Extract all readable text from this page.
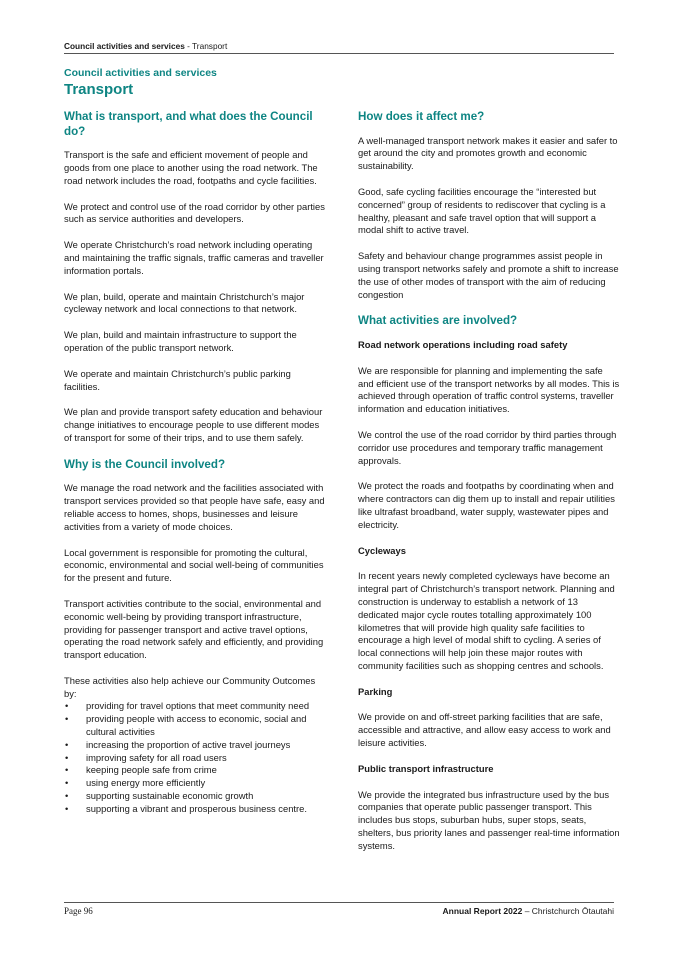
Council activities and services - Transport
Council activities and services
Transport
What is transport, and what does the Council do?

Transport is the safe and efficient movement of people and goods from one place to another using the road network. The road network includes the road, footpaths and cycle facilities.

We protect and control use of the road corridor by other parties such as service authorities and developers.

We operate Christchurch’s road network including operating and maintaining the traffic signals, traffic cameras and traveller information portals.

We plan, build, operate and maintain Christchurch’s major cycleway network and local connections to that network.

We plan, build and maintain infrastructure to support the operation of the public transport network.

We operate and maintain Christchurch’s public parking facilities.

We plan and provide transport safety education and behaviour change initiatives to encourage people to use different modes of transport for some of their trips, and to use them safely.

Why is the Council involved?

We manage the road network and the facilities associated with transport services provided so that people have safe, easy and reliable access to homes, shops, businesses and leisure activities from a variety of mode choices.

Local government is responsible for promoting the cultural, economic, environmental and social well-being of communities for the present and future.

Transport activities contribute to the social, environmental and economic well-being by providing transport infrastructure, providing for passenger transport and active travel options, operating the road network safely and efficiently, and providing transport education.

These activities also help achieve our Community Outcomes by:
• providing for travel options that meet community need
• providing people with access to economic, social and cultural activities
• increasing the proportion of active travel journeys
• improving safety for all road users
• keeping people safe from crime
• using energy more efficiently
• supporting sustainable economic growth
• supporting a vibrant and prosperous business centre.
How does it affect me?

A well-managed transport network makes it easier and safer to get around the city and promotes growth and economic sustainability.

Good, safe cycling facilities encourage the “interested but concerned” group of residents to rediscover that cycling is a healthy, pleasant and safe travel option that will support a modal shift to active travel.

Safety and behaviour change programmes assist people in using transport networks safely and promote a shift to increase the use of other modes of transport with the aim of reducing congestion

What activities are involved?
Road network operations including road safety

We are responsible for planning and implementing the safe and efficient use of the transport networks by all modes. This is achieved through operation of traffic control systems, traveller information and education initiatives.

We control the use of the road corridor by third parties through corridor use procedures and temporary traffic management approvals.

We protect the roads and footpaths by coordinating when and where contractors can dig them up to install and repair utilities like ultrafast broadband, water supply, wastewater pipes and electricity.

Cycleways

In recent years newly completed cycleways have become an integral part of Christchurch’s transport network. Planning and construction is underway to establish a network of 13 dedicated major cycle routes totalling approximately 100 kilometres that will provide high quality safe facilities to encourage a high level of modal shift to cycling. A series of local connections will help join these major routes with community facilities such as shopping centres and schools.

Parking

We provide on and off-street parking facilities that are safe, accessible and attractive, and allow easy access to work and leisure activities.

Public transport infrastructure

We provide the integrated bus infrastructure used by the bus companies that operate public passenger transport. This includes bus stops, suburban hubs, super stops, seats, shelters, bus priority lanes and passenger real-time information systems.

Page 96	Annual Report 2022 – Christchurch Ōtautahi
